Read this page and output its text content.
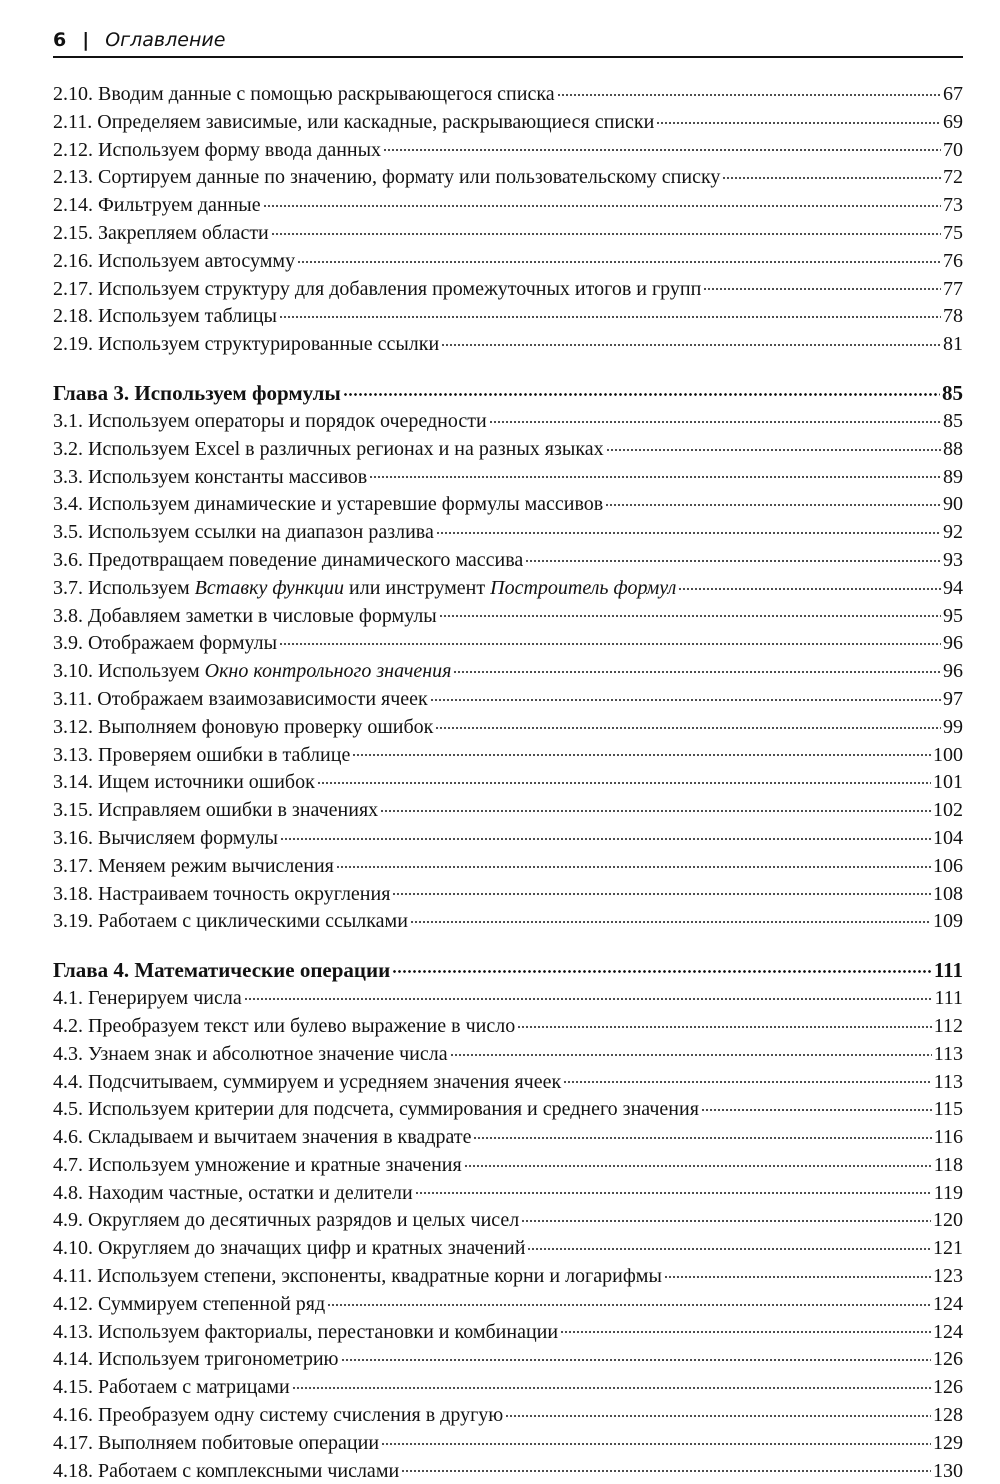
6 | Оглавление
2.10. Вводим данные с помощью раскрывающегося списка	67
2.11. Определяем зависимые, или каскадные, раскрывающиеся списки	69
2.12. Используем форму ввода данных	70
2.13. Сортируем данные по значению, формату или пользовательскому списку	72
2.14. Фильтруем данные	73
2.15. Закрепляем области	75
2.16. Используем автосумму	76
2.17. Используем структуру для добавления промежуточных итогов и групп	77
2.18. Используем таблицы	78
2.19. Используем структурированные ссылки	81
Глава 3. Используем формулы	85
3.1. Используем операторы и порядок очередности	85
3.2. Используем Excel в различных регионах и на разных языках	88
3.3. Используем константы массивов	89
3.4. Используем динамические и устаревшие формулы массивов	90
3.5. Используем ссылки на диапазон разлива	92
3.6. Предотвращаем поведение динамического массива	93
3.7. Используем Вставку функции или инструмент Построитель формул	94
3.8. Добавляем заметки в числовые формулы	95
3.9. Отображаем формулы	96
3.10. Используем Окно контрольного значения	96
3.11. Отображаем взаимозависимости ячеек	97
3.12. Выполняем фоновую проверку ошибок	99
3.13. Проверяем ошибки в таблице	100
3.14. Ищем источники ошибок	101
3.15. Исправляем ошибки в значениях	102
3.16. Вычисляем формулы	104
3.17. Меняем режим вычисления	106
3.18. Настраиваем точность округления	108
3.19. Работаем с циклическими ссылками	109
Глава 4. Математические операции	111
4.1. Генерируем числа	111
4.2. Преобразуем текст или булево выражение в число	112
4.3. Узнаем знак и абсолютное значение числа	113
4.4. Подсчитываем, суммируем и усредняем значения ячеек	113
4.5. Используем критерии для подсчета, суммирования и среднего значения	115
4.6. Складываем и вычитаем значения в квадрате	116
4.7. Используем умножение и кратные значения	118
4.8. Находим частные, остатки и делители	119
4.9. Округляем до десятичных разрядов и целых чисел	120
4.10. Округляем до значащих цифр и кратных значений	121
4.11. Используем степени, экспоненты, квадратные корни и логарифмы	123
4.12. Суммируем степенной ряд	124
4.13. Используем факториалы, перестановки и комбинации	124
4.14. Используем тригонометрию	126
4.15. Работаем с матрицами	126
4.16. Преобразуем одну систему счисления в другую	128
4.17. Выполняем побитовые операции	129
4.18. Работаем с комплексными числами	130
